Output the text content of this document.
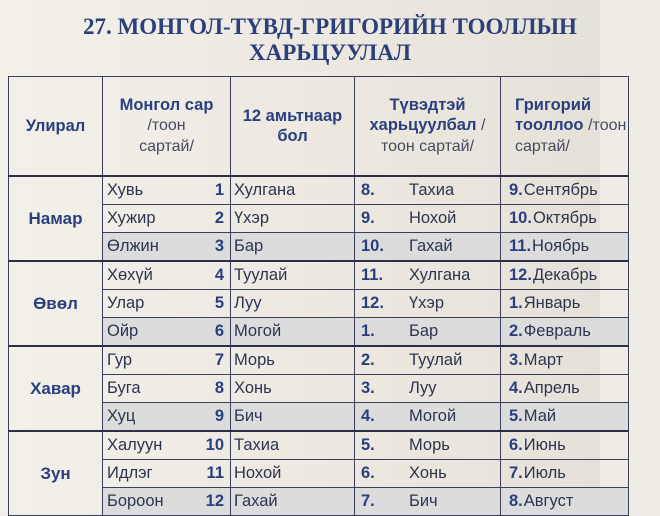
27. МОНГОЛ-ТҮВД-ГРИГОРИЙН ТООЛЛЫН
ХАРЬЦУУЛАЛ
Улирал	Монгол сар /тоон сартай/	12 амьтнаар бол	Түвэдтэй харьцуулбал / тоон сартай/	Григорий тооллоо /тоон сартай/

Намар	Хувь 1	Хулгана	8. Тахиа	9. Сентябрь

	Хужир 2	Үхэр	9. Нохой	10. Октябрь

	Өлжин 3	Бар	10. Гахай	11. Ноябрь

Өвөл	Хөхүй 4	Туулай	11. Хулгана	12. Декабрь

	Улар 5	Луу	12. Үхэр	1. Январь

	Ойр 6	Могой	1. Бар	2. Февраль

Хавар	Гур 7	Морь	2. Туулай	3. Март

	Буга 8	Хонь	3. Луу	4. Апрель

	Хуц 9	Бич	4. Могой	5. Май

Зун	Халуун 10	Тахиа	5. Морь	6. Июнь

	Идлэг 11	Нохой	6. Хонь	7. Июль

	Бороон 12	Гахай	7. Бич	8. Август
